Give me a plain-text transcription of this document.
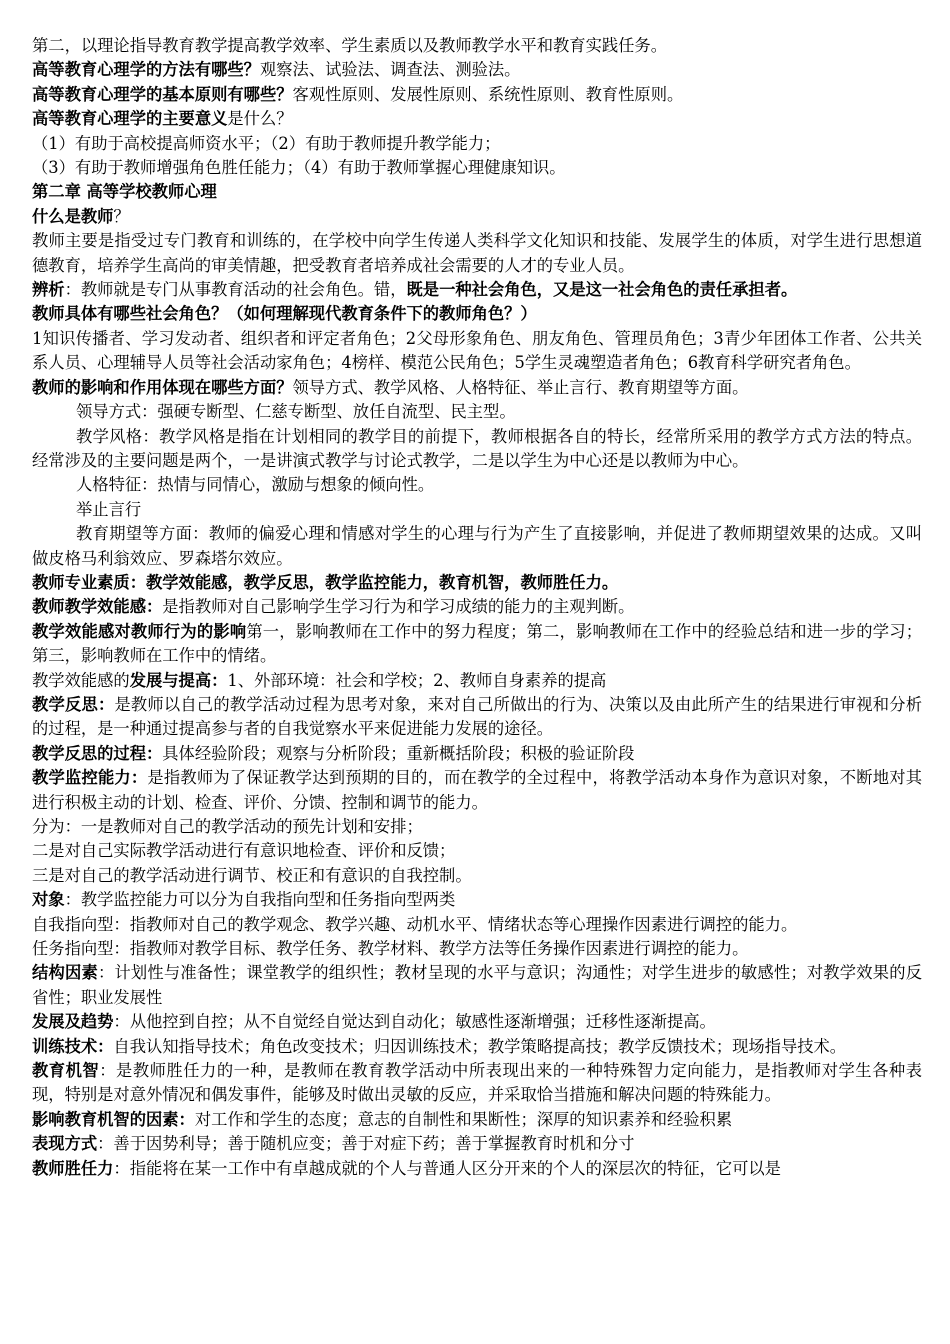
第二，以理论指导教育教学提高教学效率、学生素质以及教师教学水平和教育实践任务。

高等教育心理学的方法有哪些？观察法、试验法、调查法、测验法。

高等教育心理学的基本原则有哪些？客观性原则、发展性原则、系统性原则、教育性原则。

高等教育心理学的主要意义是什么？

（1）有助于高校提高师资水平；（2）有助于教师提升教学能力；

（3）有助于教师增强角色胜任能力；（4）有助于教师掌握心理健康知识。

第二章 高等学校教师心理

什么是教师？

教师主要是指受过专门教育和训练的，在学校中向学生传递人类科学文化知识和技能、发展学生的体质，对学生进行思想道德教育，培养学生高尚的审美情趣，把受教育者培养成社会需要的人才的专业人员。

辨析：教师就是专门从事教育活动的社会角色。错，既是一种社会角色，又是这一社会角色的责任承担者。

教师具体有哪些社会角色？（如何理解现代教育条件下的教师角色？）

1知识传播者、学习发动者、组织者和评定者角色；2父母形象角色、朋友角色、管理员角色；3青少年团体工作者、公共关系人员、心理辅导人员等社会活动家角色；4榜样、模范公民角色；5学生灵魂塑造者角色；6教育科学研究者角色。

教师的影响和作用体现在哪些方面？领导方式、教学风格、人格特征、举止言行、教育期望等方面。

领导方式：强硬专断型、仁慈专断型、放任自流型、民主型。

教学风格：教学风格是指在计划相同的教学目的前提下，教师根据各自的特长，经常所采用的教学方式方法的特点。经常涉及的主要问题是两个，一是讲演式教学与讨论式教学，二是以学生为中心还是以教师为中心。

人格特征：热情与同情心，激励与想象的倾向性。

举止言行

教育期望等方面：教师的偏爱心理和情感对学生的心理与行为产生了直接影响，并促进了教师期望效果的达成。又叫做皮格马利翁效应、罗森塔尔效应。

教师专业素质：教学效能感，教学反思，教学监控能力，教育机智，教师胜任力。

教师教学效能感：是指教师对自己影响学生学习行为和学习成绩的能力的主观判断。

教学效能感对教师行为的影响第一，影响教师在工作中的努力程度；第二，影响教师在工作中的经验总结和进一步的学习；第三，影响教师在工作中的情绪。

教学效能感的发展与提高：1、外部环境：社会和学校；2、教师自身素养的提高

教学反思：是教师以自己的教学活动过程为思考对象，来对自己所做出的行为、决策以及由此所产生的结果进行审视和分析的过程，是一种通过提高参与者的自我觉察水平来促进能力发展的途径。

教学反思的过程：具体经验阶段；观察与分析阶段；重新概括阶段；积极的验证阶段

教学监控能力：是指教师为了保证教学达到预期的目的，而在教学的全过程中，将教学活动本身作为意识对象，不断地对其进行积极主动的计划、检查、评价、分馈、控制和调节的能力。

分为：一是教师对自己的教学活动的预先计划和安排；

二是对自己实际教学活动进行有意识地检查、评价和反馈；

三是对自己的教学活动进行调节、校正和有意识的自我控制。

对象：教学监控能力可以分为自我指向型和任务指向型两类

自我指向型：指教师对自己的教学观念、教学兴趣、动机水平、情绪状态等心理操作因素进行调控的能力。

任务指向型：指教师对教学目标、教学任务、教学材料、教学方法等任务操作因素进行调控的能力。

结构因素：计划性与准备性；课堂教学的组织性；教材呈现的水平与意识；沟通性；对学生进步的敏感性；对教学效果的反省性；职业发展性

发展及趋势：从他控到自控；从不自觉经自觉达到自动化；敏感性逐渐增强；迁移性逐渐提高。

训练技术：自我认知指导技术；角色改变技术；归因训练技术；教学策略提高技；教学反馈技术；现场指导技术。

教育机智：是教师胜任力的一种，是教师在教育教学活动中所表现出来的一种特殊智力定向能力，是指教师对学生各种表现，特别是对意外情况和偶发事件，能够及时做出灵敏的反应，并采取恰当措施和解决问题的特殊能力。

影响教育机智的因素：对工作和学生的态度；意志的自制性和果断性；深厚的知识素养和经验积累

表现方式：善于因势利导；善于随机应变；善于对症下药；善于掌握教育时机和分寸

教师胜任力：指能将在某一工作中有卓越成就的个人与普通人区分开来的个人的深层次的特征，它可以是
